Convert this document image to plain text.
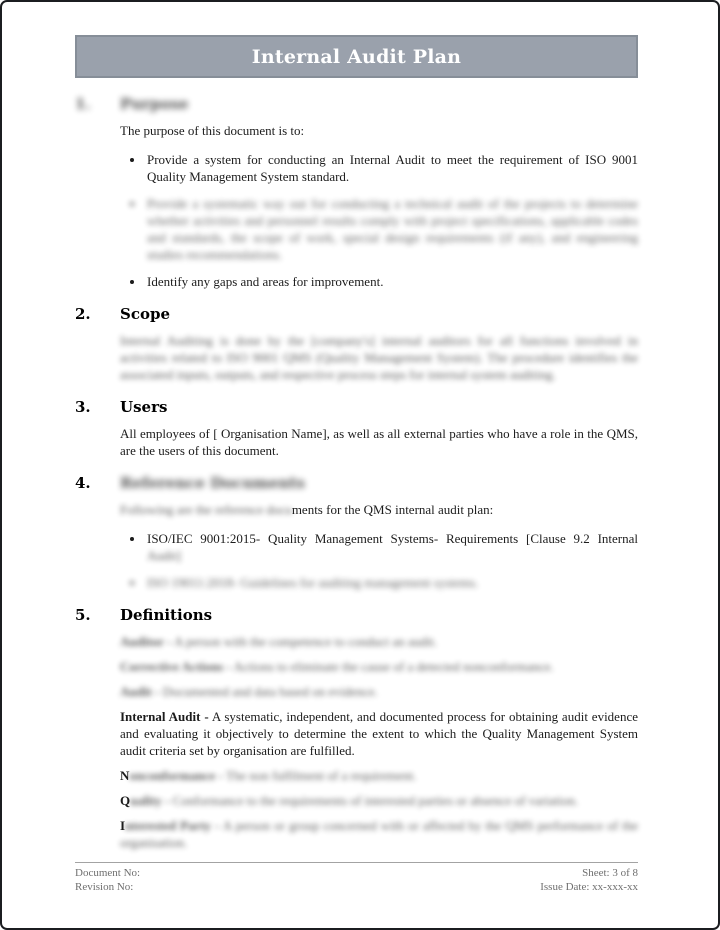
Internal Audit Plan
1.	Purpose

The purpose of this document is to:

• Provide a system for conducting an Internal Audit to meet the requirement of ISO 9001 Quality Management System standard.
• Provide a systematic way out for conducting a technical audit of the projects to determine whether activities and personnel results comply with project specifications, applicable codes and standards, the scope of work, special design requirements (if any), and engineering studies recommendations.
• Identify any gaps and areas for improvement.
2.	Scope

Internal Auditing is done by the [company's] internal auditors for all functions involved in activities related to ISO 9001 QMS (Quality Management System). The procedure identifies the associated inputs, outputs, and respective process steps for internal system auditing.

3.	Users

All employees of [ Organisation Name], as well as all external parties who have a role in the QMS, are the users of this document.

4.	Reference Documents

Following are the reference documents for the QMS internal audit plan:

• ISO/IEC 9001:2015- Quality Management Systems- Requirements [Clause 9.2 Internal
Audit]
• ISO 19011:2018- Guidelines for auditing management systems.
5.	Definitions

Auditor - A person with the competence to conduct an audit.

Corrective Actions - Actions to eliminate the cause of a detected nonconformance.

Audit - Documented and data based on evidence.

Internal Audit - A systematic, independent, and documented process for obtaining audit evidence and evaluating it objectively to determine the extent to which the Quality Management System audit criteria set by organisation are fulfilled.

Nonconformance - The non fulfilment of a requirement.

Quality - Conformance to the requirements of interested parties or absence of variation.

Interested Party - A person or group concerned with or affected by the QMS performance of the organisation.

Document No:
Revision No:
Sheet: 3 of 8
Issue Date: xx-xxx-xx
